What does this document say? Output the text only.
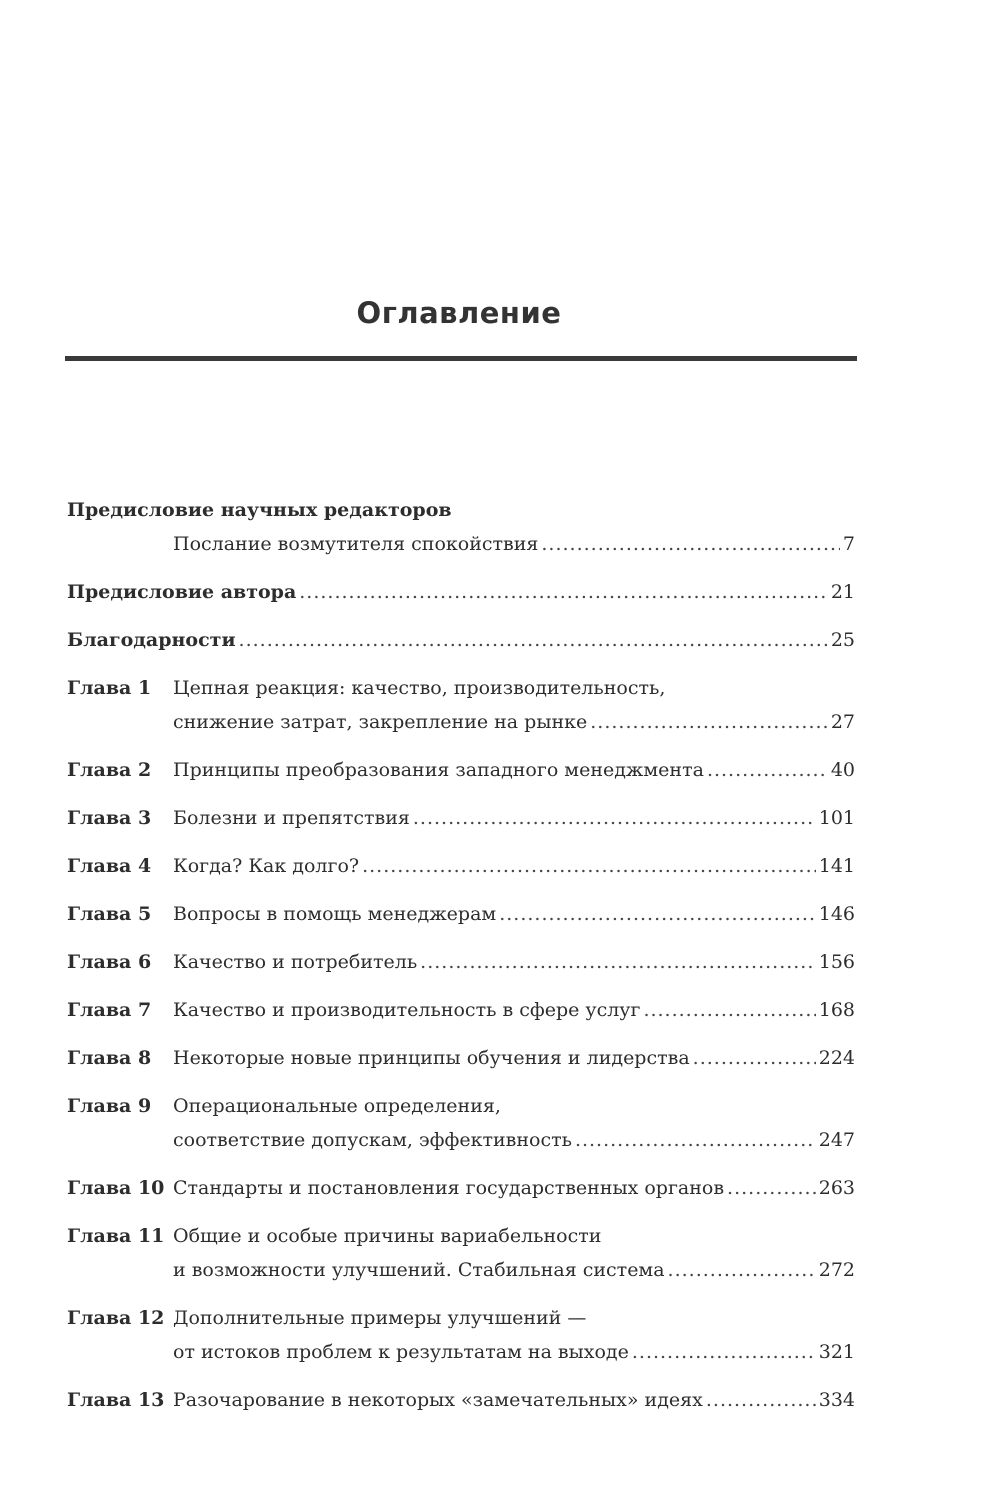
Оглавление
Предисловие научных редакторов
Послание возмутителя спокойствия .....	7
Предисловие автора .....	21
Благодарности .....	25
Глава 1	Цепная реакция: качество, производительность,
снижение затрат, закрепление на рынке .....	27
Глава 2	Принципы преобразования западного менеджмента .....	40
Глава 3	Болезни и препятствия .....	101
Глава 4	Когда? Как долго? .....	141
Глава 5	Вопросы в помощь менеджерам .....	146
Глава 6	Качество и потребитель .....	156
Глава 7	Качество и производительность в сфере услуг .....	168
Глава 8	Некоторые новые принципы обучения и лидерства .....	224
Глава 9	Операциональные определения,
соответствие допускам, эффективность .....	247
Глава 10 Стандарты и постановления государственных органов .....	263
Глава 11 Общие и особые причины вариабельности
и возможности улучшений. Стабильная система .....	272
Глава 12 Дополнительные примеры улучшений —
от истоков проблем к результатам на выходе .....	321
Глава 13 Разочарование в некоторых «замечательных» идеях .....	334
